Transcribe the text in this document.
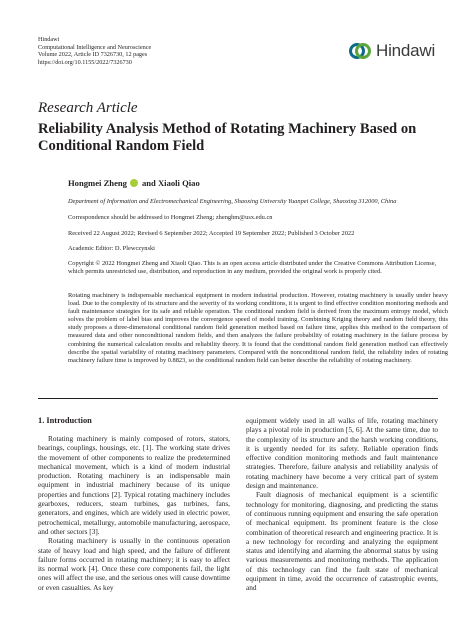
Hindawi
Computational Intelligence and Neuroscience
Volume 2022, Article ID 7326730, 12 pages
https://doi.org/10.1155/2022/7326730
Hindawi
Research Article
Reliability Analysis Method of Rotating Machinery Based on Conditional Random Field
Hongmei Zheng and Xiaoli Qiao
Department of Information and Electromechanical Engineering, Shaoxing University Yuanpei College, Shaoxing 312000, China
Correspondence should be addressed to Hongmei Zheng; zhenghm@usx.edu.cn
Received 22 August 2022; Revised 6 September 2022; Accepted 19 September 2022; Published 3 October 2022
Academic Editor: D. Plewczynski
Copyright © 2022 Hongmei Zheng and Xiaoli Qiao. This is an open access article distributed under the Creative Commons Attribution License, which permits unrestricted use, distribution, and reproduction in any medium, provided the original work is properly cited.
Rotating machinery is indispensable mechanical equipment in modern industrial production. However, rotating machinery is usually under heavy load. Due to the complexity of its structure and the severity of its working conditions, it is urgent to find effective condition monitoring methods and fault maintenance strategies for its safe and reliable operation. The conditional random field is derived from the maximum entropy model, which solves the problem of label bias and improves the convergence speed of model training. Combining Kriging theory and random field theory, this study proposes a three-dimensional conditional random field generation method based on failure time, applies this method to the comparison of measured data and other nonconditional random fields, and then analyzes the failure probability of rotating machinery in the failure process by combining the numerical calculation results and reliability theory. It is found that the conditional random field generation method can effectively describe the spatial variability of rotating machinery parameters. Compared with the nonconditional random field, the reliability index of rotating machinery failure time is improved by 0.8823, so the conditional random field can better describe the reliability of rotating machinery.
1. Introduction

Rotating machinery is mainly composed of rotors, stators, bearings, couplings, housings, etc. [1]. The working state drives the movement of other components to realize the predetermined mechanical movement, which is a kind of modern industrial production. Rotating machinery is an indispensable main equipment in industrial machinery because of its unique properties and functions [2]. Typical rotating machinery includes gearboxes, reducers, steam turbines, gas turbines, fans, generators, and engines, which are widely used in electric power, petrochemical, metallurgy, automobile manufacturing, aerospace, and other sectors [3].

Rotating machinery is usually in the continuous operation state of heavy load and high speed, and the failure of different failure forms occurred in rotating machinery; it is easy to affect its normal work [4]. Once these core components fail, the light ones will affect the use, and the serious ones will cause downtime or even casualties. As key

equipment widely used in all walks of life, rotating machinery plays a pivotal role in production [5, 6]. At the same time, due to the complexity of its structure and the harsh working conditions, it is urgently needed for its safety. Reliable operation finds effective condition monitoring methods and fault maintenance strategies. Therefore, failure analysis and reliability analysis of rotating machinery have become a very critical part of system design and maintenance.

Fault diagnosis of mechanical equipment is a scientific technology for monitoring, diagnosing, and predicting the status of continuous running equipment and ensuring the safe operation of mechanical equipment. Its prominent feature is the close combination of theoretical research and engineering practice. It is a new technology for recording and analyzing the equipment status and identifying and alarming the abnormal status by using various measurements and monitoring methods. The application of this technology can find the fault state of mechanical equipment in time, avoid the occurrence of catastrophic events, and
